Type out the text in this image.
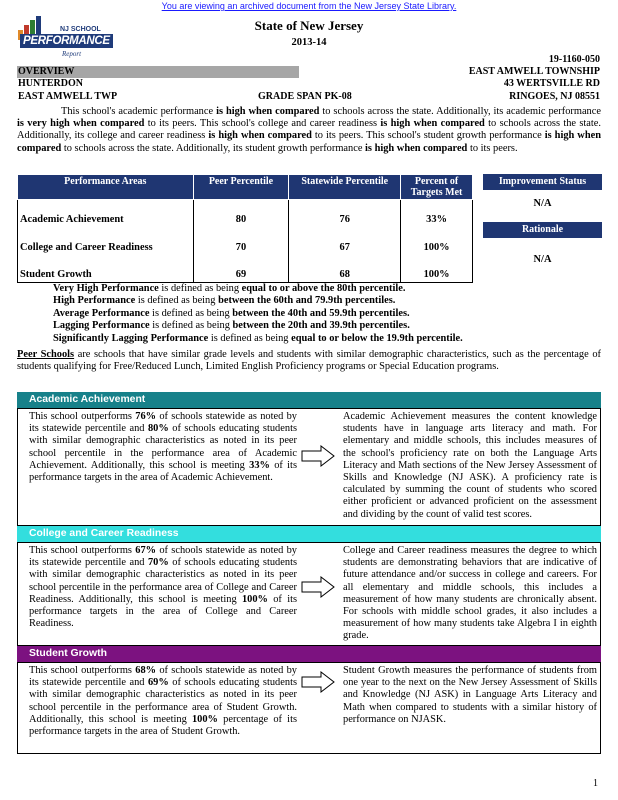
You are viewing an archived document from the New Jersey State Library.
NJ SCHOOL
PERFORMANCE
Report
State of New Jersey
2013-14
19-1160-050
OVERVIEW
HUNTERDON
EAST AMWELL TWP	GRADE SPAN PK-08
EAST AMWELL TOWNSHIP
43 WERTSVILLE RD
RINGOES, NJ 08551
This school's academic performance is high when compared to schools across the state. Additionally, its academic performance is very high when compared to its peers. This school's college and career readiness is high when compared to schools across the state. Additionally, its college and career readiness is high when compared to its peers. This school's student growth performance is high when compared to schools across the state. Additionally, its student growth performance is high when compared to its peers.
Performance Areas	Peer Percentile	Statewide Percentile	Percent of Targets Met
Academic Achievement	80	76	33%
College and Career Readiness	70	67	100%
Student Growth	69	68	100%
Improvement Status
N/A
Rationale
N/A
Very High Performance is defined as being equal to or above the 80th percentile.
High Performance is defined as being between the 60th and 79.9th percentiles.
Average Performance is defined as being between the 40th and 59.9th percentiles.
Lagging Performance is defined as being between the 20th and 39.9th percentiles.
Significantly Lagging Performance is defined as being equal to or below the 19.9th percentile.
Peer Schools are schools that have similar grade levels and students with similar demographic characteristics, such as the percentage of students qualifying for Free/Reduced Lunch, Limited English Proficiency programs or Special Education programs.
Academic Achievement
This school outperforms 76% of schools statewide as noted by its statewide percentile and 80% of schools educating students with similar demographic characteristics as noted in its peer school percentile in the performance area of Academic Achievement. Additionally, this school is meeting 33% of its performance targets in the area of Academic Achievement.
Academic Achievement measures the content knowledge students have in language arts literacy and math. For elementary and middle schools, this includes measures of the school's proficiency rate on both the Language Arts Literacy and Math sections of the New Jersey Assessment of Skills and Knowledge (NJ ASK). A proficiency rate is calculated by summing the count of students who scored either proficient or advanced proficient on the assessment and dividing by the count of valid test scores.
College and Career Readiness
This school outperforms 67% of schools statewide as noted by its statewide percentile and 70% of schools educating students with similar demographic characteristics as noted in its peer school percentile in the performance area of College and Career Readiness. Additionally, this school is meeting 100% of its performance targets in the area of College and Career Readiness.
College and Career readiness measures the degree to which students are demonstrating behaviors that are indicative of future attendance and/or success in college and careers. For all elementary and middle schools, this includes a measurement of how many students are chronically absent. For schools with middle school grades, it also includes a measurement of how many students take Algebra I in eighth grade.
Student Growth
This school outperforms 68% of schools statewide as noted by its statewide percentile and 69% of schools educating students with similar demographic characteristics as noted in its peer school percentile in the performance area of Student Growth. Additionally, this school is meeting 100% percentage of its performance targets in the area of Student Growth.
Student Growth measures the performance of students from one year to the next on the New Jersey Assessment of Skills and Knowledge (NJ ASK) in Language Arts Literacy and Math when compared to students with a similar history of performance on NJASK.
1
